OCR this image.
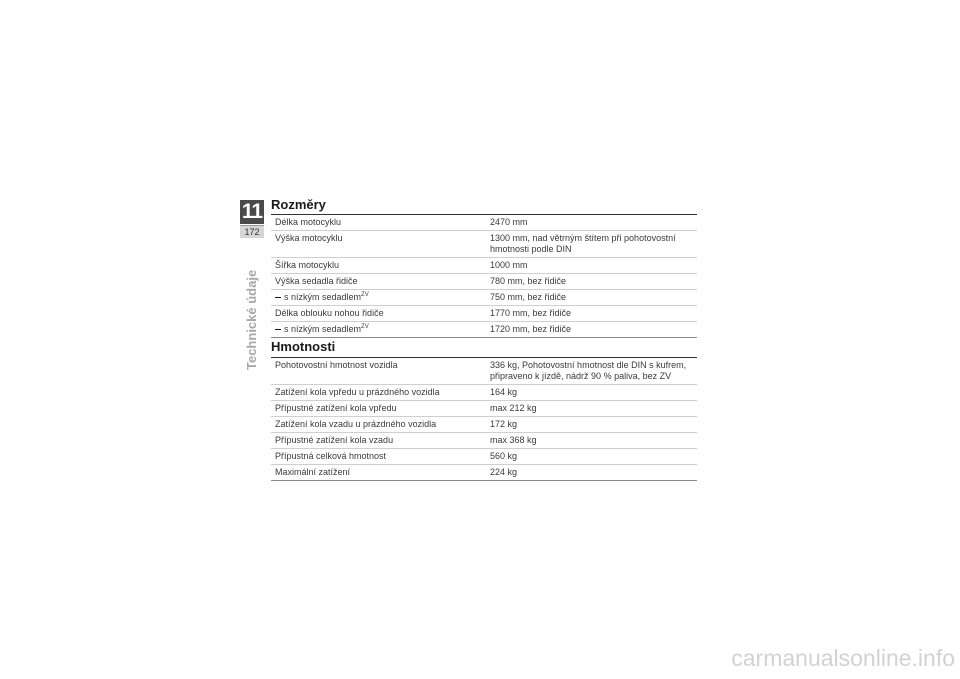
11
172
Technické údaje
Rozměry
Délka motocyklu	2470 mm
Výška motocyklu	1300 mm, nad větrným štítem při pohotovostní hmotnosti podle DIN
Šířka motocyklu	1000 mm
Výška sedadla řidiče	780 mm, bez řidiče
s nízkým sedadlem$^{ZV}$	750 mm, bez řidiče
Délka oblouku nohou řidiče	1770 mm, bez řidiče
s nízkým sedadlem$^{ZV}$	1720 mm, bez řidiče
Hmotnosti
Pohotovostní hmotnost vozidla	336 kg, Pohotovostní hmotnost dle DIN s kufrem, připraveno k jízdě, nádrž 90 % paliva, bez ZV
Zatížení kola vpředu u prázdného vozidla	164 kg
Přípustné zatížení kola vpředu	max 212 kg
Zatížení kola vzadu u prázdného vozidla	172 kg
Přípustné zatížení kola vzadu	max 368 kg
Přípustná celková hmotnost	560 kg
Maximální zatížení	224 kg
carmanualsonline.info
